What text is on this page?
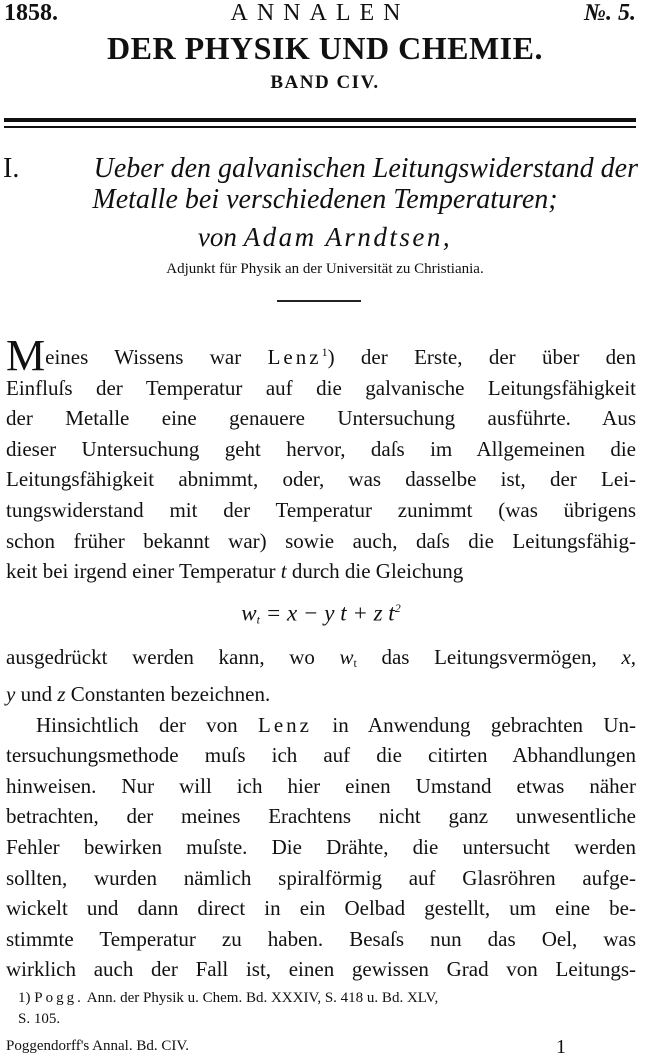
1858.	ANNALEN	№. 5.
DER PHYSIK UND CHEMIE.
BAND CIV.
I.	Ueber den galvanischen Leitungswiderstand der
Metalle bei verschiedenen Temperaturen;
von Adam Arndtsen,
Adjunkt für Physik an der Universität zu Christiania.
Meines Wissens war Lenz$^1$) der Erste, der über den
Einfluſs der Temperatur auf die galvanische Leitungsfähigkeit
der Metalle eine genauere Untersuchung ausführte. Aus
dieser Untersuchung geht hervor, daſs im Allgemeinen die
Leitungsfähigkeit abnimmt, oder, was dasselbe ist, der Lei-
tungswiderstand mit der Temperatur zunimmt (was übrigens
schon früher bekannt war) sowie auch, daſs die Leitungsfähig-
keit bei irgend einer Temperatur t durch die Gleichung
$w_t = x - y$ t + z $t^2$
ausgedrückt werden kann, wo $w_t$ das Leitungsvermögen, x,
y und z Constanten bezeichnen.
Hinsichtlich der von Lenz in Anwendung gebrachten Un-
tersuchungsmethode muſs ich auf die citirten Abhandlungen
hinweisen. Nur will ich hier einen Umstand etwas näher
betrachten, der meines Erachtens nicht ganz unwesentliche
Fehler bewirken muſste. Die Drähte, die untersucht werden
sollten, wurden nämlich spiralförmig auf Glasröhren aufge-
wickelt und dann direct in ein Oelbad gestellt, um eine be-
stimmte Temperatur zu haben. Besaſs nun das Oel, was
wirklich auch der Fall ist, einen gewissen Grad von Leitungs-
1) Pogg. Ann. der Physik u. Chem. Bd. XXXIV, S. 418 u. Bd. XLV,
S. 105.
Poggendorff's Annal. Bd. CIV.	1
